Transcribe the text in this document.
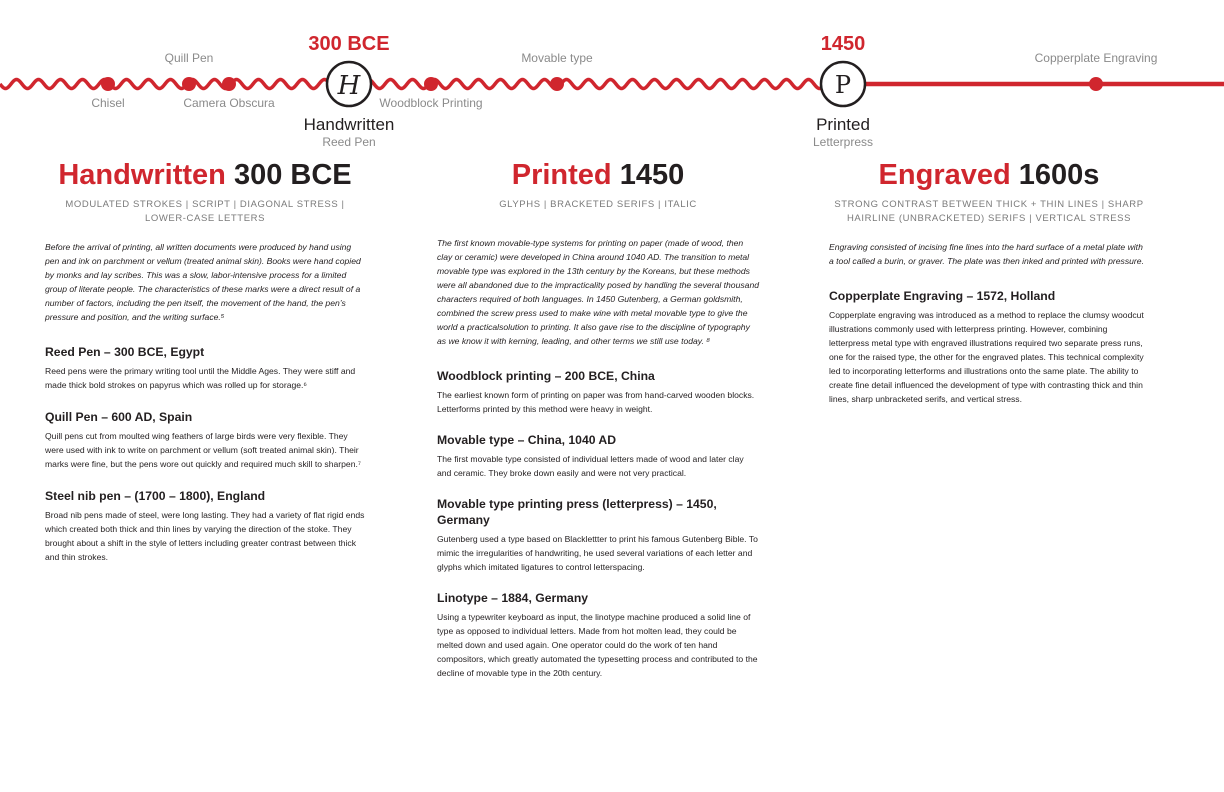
H	P
Quill Pen
Chisel	Camera Obscura	Woodblock Printing
Movable type	Copperplate Engraving
300 BCE
Handwritten
Reed Pen
1450
Printed
Letterpress
Handwritten 300 BCE

MODULATED STROKES | SCRIPT | DIAGONAL STRESS | LOWER-CASE LETTERS

Before the arrival of printing, all written documents were produced by hand using pen and ink on parchment or vellum (treated animal skin). Books were hand copied by monks and lay scribes. This was a slow, labor-intensive process for a limited group of literate people. The characteristics of these marks were a direct result of a number of factors, including the pen itself, the movement of the hand, the pen’s pressure and position, and the writing surface.⁵

Reed Pen – 300 BCE, Egypt

Reed pens were the primary writing tool until the Middle Ages. They were stiff and made thick bold strokes on papyrus which was rolled up for storage.⁶

Quill Pen – 600 AD, Spain

Quill pens cut from moulted wing feathers of large birds were very flexible. They were used with ink to write on parchment or vellum (soft treated animal skin). Their marks were fine, but the pens wore out quickly and required much skill to sharpen.⁷

Steel nib pen – (1700 – 1800), England

Broad nib pens made of steel, were long lasting. They had a variety of flat rigid ends which created both thick and thin lines by varying the direction of the stoke. They brought about a shift in the style of letters including greater contrast between thick and thin strokes.

Printed 1450

GLYPHS | BRACKETED SERIFS | ITALIC

The first known movable-type systems for printing on paper (made of wood, then clay or ceramic) were developed in China around 1040 AD. The transition to metal movable type was explored in the 13th century by the Koreans, but these methods were all abandoned due to the impracticality posed by handling the several thousand characters required of both languages. In 1450 Gutenberg, a German goldsmith, combined the screw press used to make wine with metal movable type to give the world a practicalsolution to printing. It also gave rise to the discipline of typography as we know it with kerning, leading, and other terms we still use today. ⁸

Woodblock printing – 200 BCE, China

The earliest known form of printing on paper was from hand-carved wooden blocks. Letterforms printed by this method were heavy in weight.

Movable type – China, 1040 AD

The first movable type consisted of individual letters made of wood and later clay and ceramic. They broke down easily and were not very practical.

Movable type printing press (letterpress) – 1450, Germany

Gutenberg used a type based on Blacklettter to print his famous Gutenberg Bible. To mimic the irregularities of handwriting, he used several variations of each letter and glyphs which imitated ligatures to control letterspacing.

Linotype – 1884, Germany

Using a typewriter keyboard as input, the linotype machine produced a solid line of type as opposed to individual letters. Made from hot molten lead, they could be melted down and used again. One operator could do the work of ten hand compositors, which greatly automated the typesetting process and contributed to the decline of movable type in the 20th century.

Engraved 1600s

STRONG CONTRAST BETWEEN THICK + THIN LINES | SHARP HAIRLINE (UNBRACKETED) SERIFS | VERTICAL STRESS

Engraving consisted of incising fine lines into the hard surface of a metal plate with a tool called a burin, or graver. The plate was then inked and printed with pressure.

Copperplate Engraving – 1572, Holland

Copperplate engraving was introduced as a method to replace the clumsy woodcut illustrations commonly used with letterpress printing. However, combining letterpress metal type with engraved illustrations required two separate press runs, one for the raised type, the other for the engraved plates. This technical complexity led to incorporating letterforms and illustrations onto the same plate. The ability to create fine detail influenced the development of type with contrasting thick and thin lines, sharp unbracketed serifs, and vertical stress.
